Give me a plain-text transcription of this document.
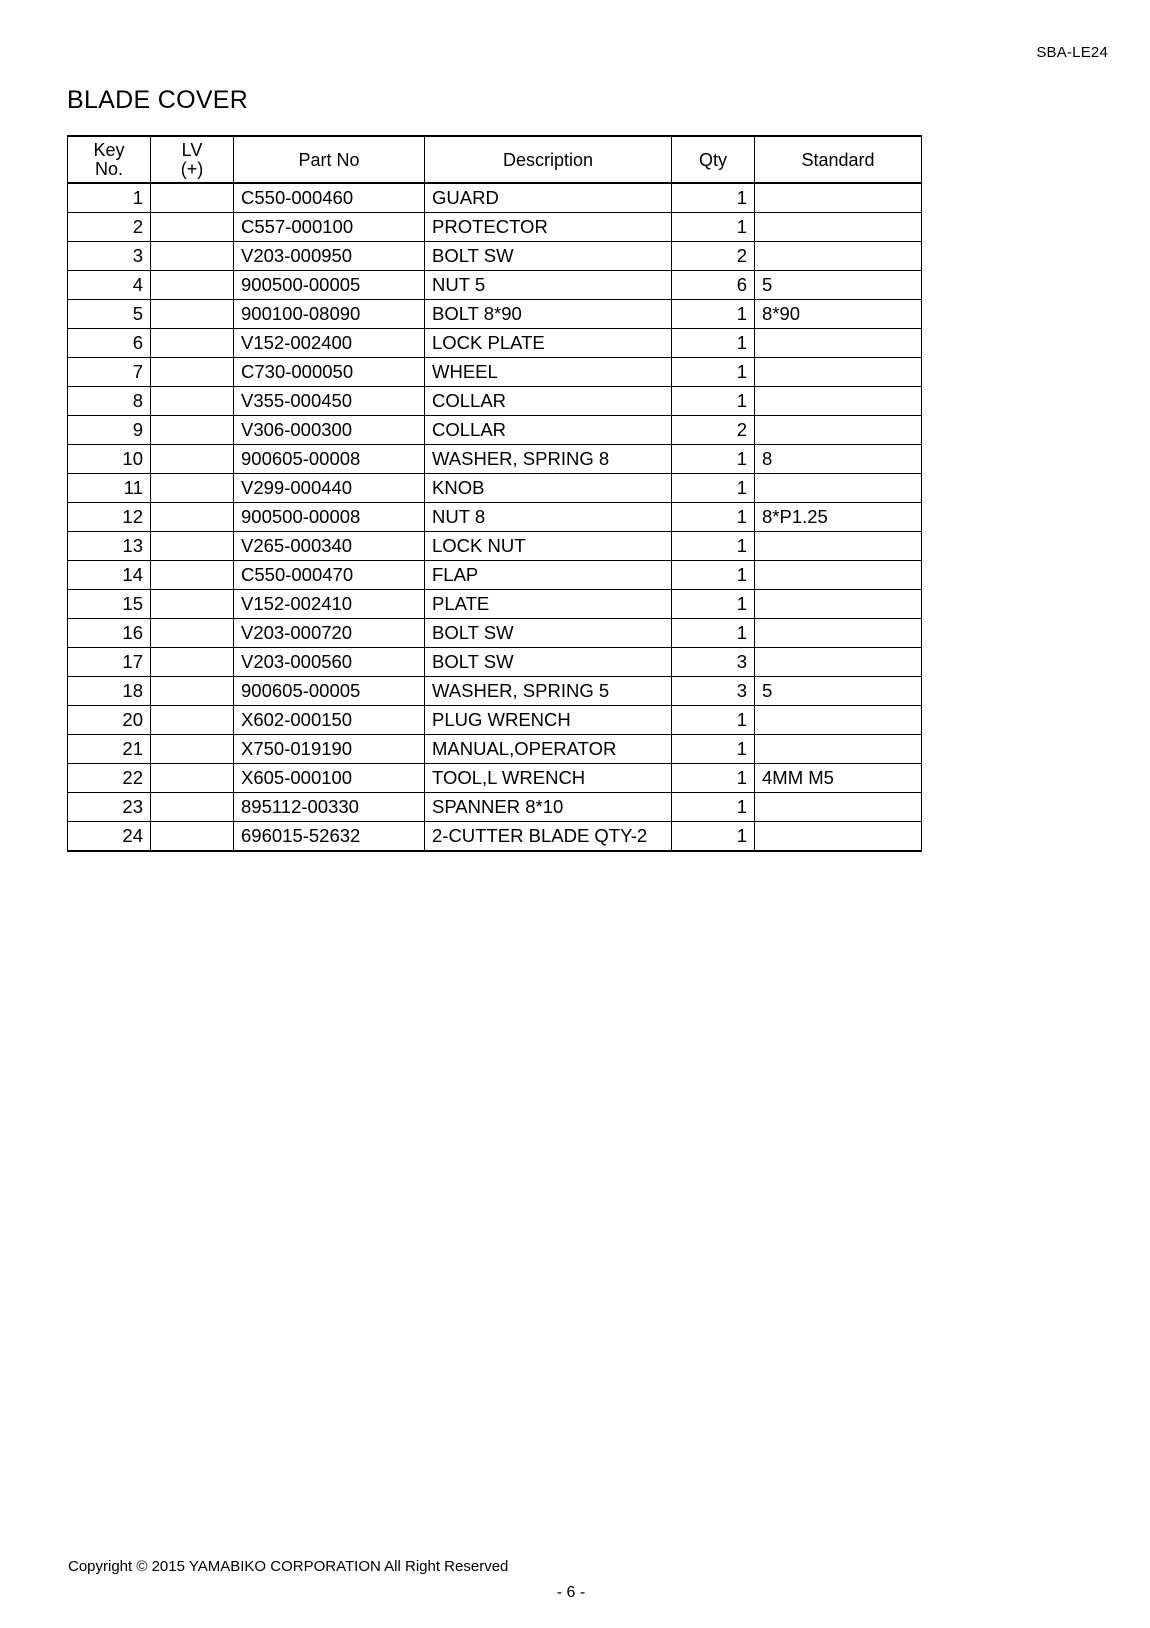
SBA-LE24
BLADE COVER
Key
No.	LV
(+)	Part No	Description	Qty	Standard
1		C550-000460	GUARD	1	
2		C557-000100	PROTECTOR	1	
3		V203-000950	BOLT SW	2	
4		900500-00005	NUT 5	6	5
5		900100-08090	BOLT 8*90	1	8*90
6		V152-002400	LOCK PLATE	1	
7		C730-000050	WHEEL	1	
8		V355-000450	COLLAR	1	
9		V306-000300	COLLAR	2	
10		900605-00008	WASHER, SPRING 8	1	8
11		V299-000440	KNOB	1	
12		900500-00008	NUT 8	1	8*P1.25
13		V265-000340	LOCK NUT	1	
14		C550-000470	FLAP	1	
15		V152-002410	PLATE	1	
16		V203-000720	BOLT SW	1	
17		V203-000560	BOLT SW	3	
18		900605-00005	WASHER, SPRING 5	3	5
20		X602-000150	PLUG WRENCH	1	
21		X750-019190	MANUAL,OPERATOR	1	
22		X605-000100	TOOL,L WRENCH	1	4MM M5
23		895112-00330	SPANNER 8*10	1	
24		696015-52632	2-CUTTER BLADE QTY-2	1	
Copyright © 2015 YAMABIKO CORPORATION All Right Reserved
- 6 -
